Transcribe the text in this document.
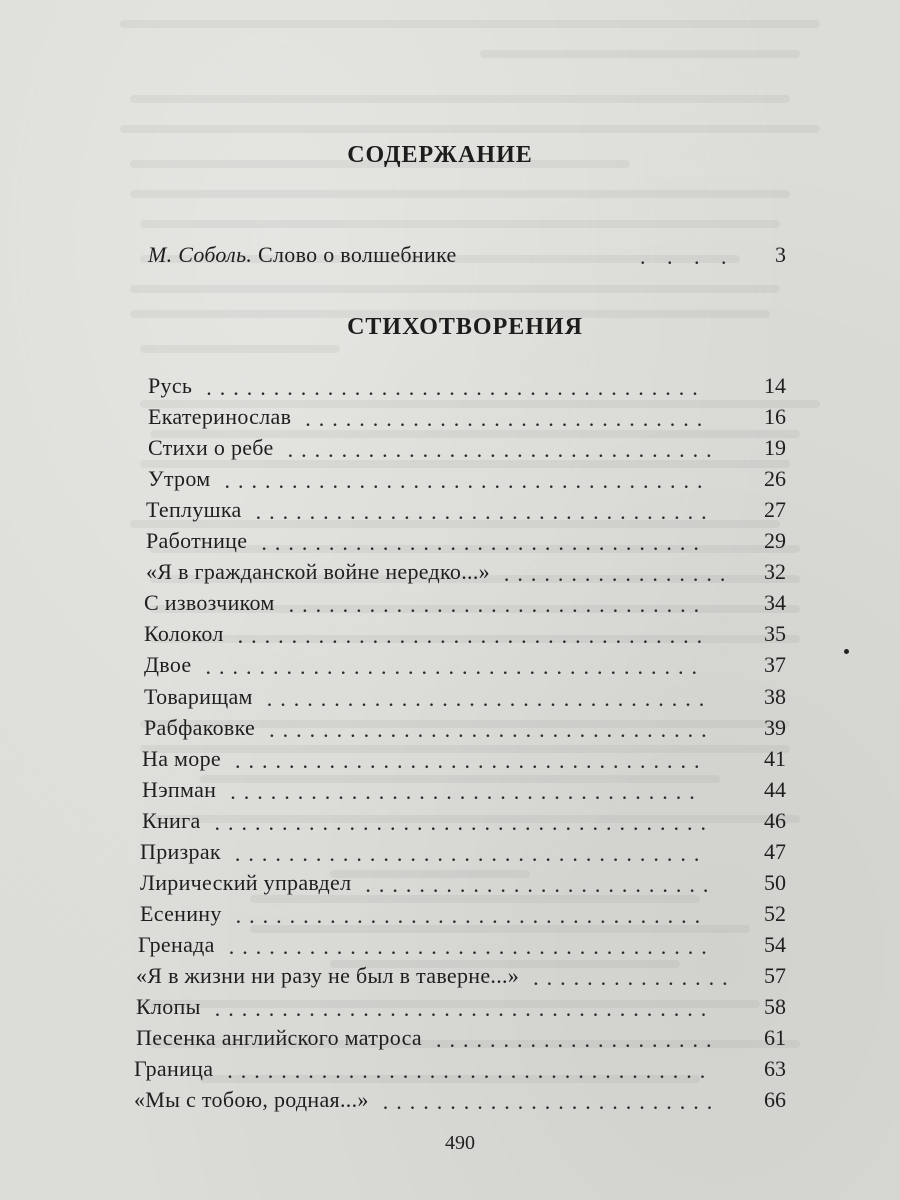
СОДЕРЖАНИЕ
М. Соболь. Слово о волшебнике	. . . .	3
СТИХОТВОРЕНИЯ
Русь .....................................	14
Екатеринослав ..............................	16
Стихи о ребе ................................	19
Утром ....................................	26
Теплушка ..................................	27
Работнице .................................	29
«Я в гражданской войне нередко...» .................	32
С извозчиком ...............................	34
Колокол ...................................	35
Двое .....................................	37
Товарищам .................................	38
Рабфаковке .................................	39
На море ...................................	41
Нэпман ...................................	44
Книга .....................................	46
Призрак ...................................	47
Лирический управдел ..........................	50
Есенину ...................................	52
Гренада ....................................	54
«Я в жизни ни разу не был в таверне...» ...............	57
Клопы .....................................	58
Песенка английского матроса .....................	61
Граница ....................................	63
«Мы с тобою, родная...» .........................	66
490
